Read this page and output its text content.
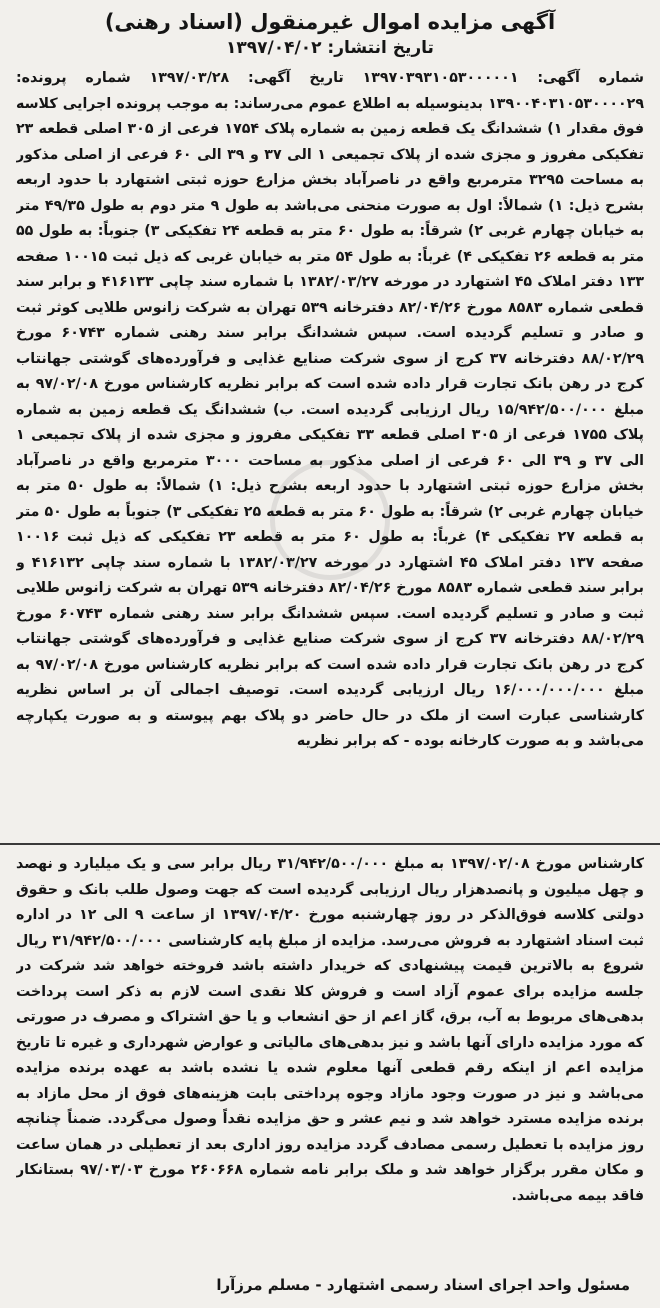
آگهی مزایده اموال غیرمنقول (اسناد رهنی)

تاریخ انتشار: ۱۳۹۷/۰۴/۰۲

شماره آگهی: ۱۳۹۷۰۳۹۳۱۰۵۳۰۰۰۰۰۱ تاریخ آگهی: ۱۳۹۷/۰۳/۲۸ شماره پرونده: ۱۳۹۰۰۴۰۳۱۰۵۳۰۰۰۰۲۹ بدینوسیله به اطلاع عموم می‌رساند: به موجب پرونده اجرایی کلاسه فوق مقدار ۱) ششدانگ یک قطعه زمین به شماره پلاک ۱۷۵۴ فرعی از ۳۰۵ اصلی قطعه ۲۳ تفکیکی مفروز و مجزی شده از پلاک تجمیعی ۱ الی ۳۷ و ۳۹ الی ۶۰ فرعی از اصلی مذکور به مساحت ۳۲۹۵ مترمربع واقع در ناصرآباد بخش مزارع حوزه ثبتی اشتهارد با حدود اربعه بشرح ذیل: ۱) شمالاً: اول به صورت منحنی می‌باشد به طول ۹ متر دوم به طول ۴۹/۳۵ متر به خیابان چهارم غربی ۲) شرقاً: به طول ۶۰ متر به قطعه ۲۴ تفکیکی ۳) جنوباً: به طول ۵۵ متر به قطعه ۲۶ تفکیکی ۴) غرباً: به طول ۵۴ متر به خیابان غربی که ذیل ثبت ۱۰۰۱۵ صفحه ۱۳۳ دفتر املاک ۴۵ اشتهارد در مورخه ۱۳۸۲/۰۳/۲۷ با شماره سند چاپی ۴۱۶۱۳۳ و برابر سند قطعی شماره ۸۵۸۳ مورخ ۸۲/۰۴/۲۶ دفترخانه ۵۳۹ تهران به شرکت زانوس طلایی کوثر ثبت و صادر و تسلیم گردیده است. سپس ششدانگ برابر سند رهنی شماره ۶۰۷۴۳ مورخ ۸۸/۰۲/۲۹ دفترخانه ۳۷ کرج از سوی شرکت صنایع غذایی و فرآورده‌های گوشتی جهانتاب کرج در رهن بانک تجارت قرار داده شده است که برابر نظریه کارشناس مورخ ۹۷/۰۲/۰۸ به مبلغ ۱۵/۹۴۲/۵۰۰/۰۰۰ ریال ارزیابی گردیده است. ب) ششدانگ یک قطعه زمین به شماره پلاک ۱۷۵۵ فرعی از ۳۰۵ اصلی قطعه ۳۳ تفکیکی مفروز و مجزی شده از پلاک تجمیعی ۱ الی ۳۷ و ۳۹ الی ۶۰ فرعی از اصلی مذکور به مساحت ۳۰۰۰ مترمربع واقع در ناصرآباد بخش مزارع حوزه ثبتی اشتهارد با حدود اربعه بشرح ذیل: ۱) شمالاً: به طول ۵۰ متر به خیابان چهارم غربی ۲) شرقاً: به طول ۶۰ متر به قطعه ۲۵ تفکیکی ۳) جنوباً به طول ۵۰ متر به قطعه ۲۷ تفکیکی ۴) غرباً: به طول ۶۰ متر به قطعه ۲۳ تفکیکی که ذیل ثبت ۱۰۰۱۶ صفحه ۱۳۷ دفتر املاک ۴۵ اشتهارد در مورخه ۱۳۸۲/۰۳/۲۷ با شماره سند چاپی ۴۱۶۱۳۲ و برابر سند قطعی شماره ۸۵۸۳ مورخ ۸۲/۰۴/۲۶ دفترخانه ۵۳۹ تهران به شرکت زانوس طلایی ثبت و صادر و تسلیم گردیده است. سپس ششدانگ برابر سند رهنی شماره ۶۰۷۴۳ مورخ ۸۸/۰۲/۲۹ دفترخانه ۳۷ کرج از سوی شرکت صنایع غذایی و فرآورده‌های گوشتی جهانتاب کرج در رهن بانک تجارت قرار داده شده است که برابر نظریه کارشناس مورخ ۹۷/۰۲/۰۸ به مبلغ ۱۶/۰۰۰/۰۰۰/۰۰۰ ریال ارزیابی گردیده است. توصیف اجمالی آن بر اساس نظریه کارشناسی عبارت است از ملک در حال حاضر دو پلاک بهم پیوسته و به صورت یکپارچه می‌باشد و به صورت کارخانه بوده - که برابر نظریه

کارشناس مورخ ۱۳۹۷/۰۲/۰۸ به مبلغ ۳۱/۹۴۲/۵۰۰/۰۰۰ ریال برابر سی و یک میلیارد و نهصد و چهل میلیون و پانصدهزار ریال ارزیابی گردیده است که جهت وصول طلب بانک و حقوق دولتی کلاسه فوق‌الذکر در روز چهارشنبه مورخ ۱۳۹۷/۰۴/۲۰ از ساعت ۹ الی ۱۲ در اداره ثبت اسناد اشتهارد به فروش می‌رسد. مزایده از مبلغ پایه کارشناسی ۳۱/۹۴۲/۵۰۰/۰۰۰ ریال شروع به بالاترین قیمت پیشنهادی که خریدار داشته باشد فروخته خواهد شد شرکت در جلسه مزایده برای عموم آزاد است و فروش کلا نقدی است لازم به ذکر است پرداخت بدهی‌های مربوط به آب، برق، گاز اعم از حق انشعاب و یا حق اشتراک و مصرف در صورتی که مورد مزایده دارای آنها باشد و نیز بدهی‌های مالیاتی و عوارض شهرداری و غیره تا تاریخ مزایده اعم از اینکه رقم قطعی آنها معلوم شده یا نشده باشد به عهده برنده مزایده می‌باشد و نیز در صورت وجود مازاد وجوه پرداختی بابت هزینه‌های فوق از محل مازاد به برنده مزایده مسترد خواهد شد و نیم عشر و حق مزایده نقداً وصول می‌گردد. ضمناً چنانچه روز مزایده با تعطیل رسمی مصادف گردد مزایده روز اداری بعد از تعطیلی در همان ساعت و مکان مقرر برگزار خواهد شد و ملک برابر نامه شماره ۲۶۰۶۶۸ مورخ ۹۷/۰۳/۰۳ بستانکار فاقد بیمه می‌باشد.

مسئول واحد اجرای اسناد رسمی اشتهارد - مسلم مرزآرا
